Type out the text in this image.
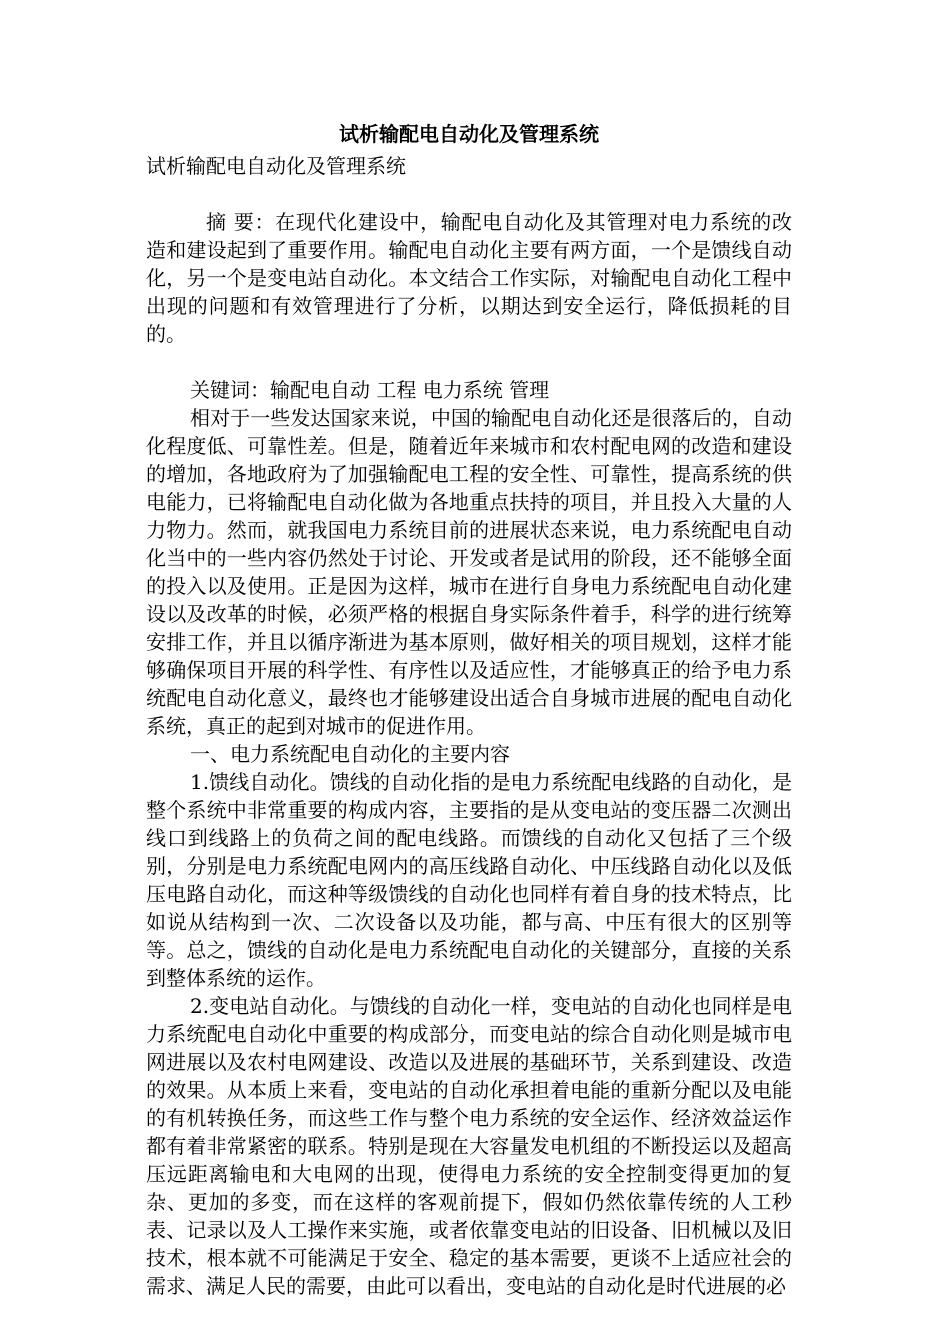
试析输配电自动化及管理系统

试析输配电自动化及管理系统

摘 要：在现代化建设中，输配电自动化及其管理对电力系统的改造和建设起到了重要作用。输配电自动化主要有两方面，一个是馈线自动化，另一个是变电站自动化。本文结合工作实际，对输配电自动化工程中出现的问题和有效管理进行了分析，以期达到安全运行，降低损耗的目的。

关键词：输配电自动 工程 电力系统 管理

相对于一些发达国家来说，中国的输配电自动化还是很落后的，自动化程度低、可靠性差。但是，随着近年来城市和农村配电网的改造和建设的增加，各地政府为了加强输配电工程的安全性、可靠性，提高系统的供电能力，已将输配电自动化做为各地重点扶持的项目，并且投入大量的人力物力。然而，就我国电力系统目前的进展状态来说，电力系统配电自动化当中的一些内容仍然处于讨论、开发或者是试用的阶段，还不能够全面的投入以及使用。正是因为这样，城市在进行自身电力系统配电自动化建设以及改革的时候，必须严格的根据自身实际条件着手，科学的进行统筹安排工作，并且以循序渐进为基本原则，做好相关的项目规划，这样才能够确保项目开展的科学性、有序性以及适应性，才能够真正的给予电力系统配电自动化意义，最终也才能够建设出适合自身城市进展的配电自动化系统，真正的起到对城市的促进作用。

一、电力系统配电自动化的主要内容

1.馈线自动化。馈线的自动化指的是电力系统配电线路的自动化，是整个系统中非常重要的构成内容，主要指的是从变电站的变压器二次测出线口到线路上的负荷之间的配电线路。而馈线的自动化又包括了三个级别，分别是电力系统配电网内的高压线路自动化、中压线路自动化以及低压电路自动化，而这种等级馈线的自动化也同样有着自身的技术特点，比如说从结构到一次、二次设备以及功能，都与高、中压有很大的区别等等。总之，馈线的自动化是电力系统配电自动化的关键部分，直接的关系到整体系统的运作。

2.变电站自动化。与馈线的自动化一样，变电站的自动化也同样是电力系统配电自动化中重要的构成部分，而变电站的综合自动化则是城市电网进展以及农村电网建设、改造以及进展的基础环节，关系到建设、改造的效果。从本质上来看，变电站的自动化承担着电能的重新分配以及电能的有机转换任务，而这些工作与整个电力系统的安全运作、经济效益运作都有着非常紧密的联系。特别是现在大容量发电机组的不断投运以及超高压远距离输电和大电网的出现，使得电力系统的安全控制变得更加的复杂、更加的多变，而在这样的客观前提下，假如仍然依靠传统的人工秒表、记录以及人工操作来实施，或者依靠变电站的旧设备、旧机械以及旧技术，根本就不可能满足于安全、稳定的基本需要，更谈不上适应社会的需求、满足人民的需要，由此可以看出，变电站的自动化是时代进展的必
